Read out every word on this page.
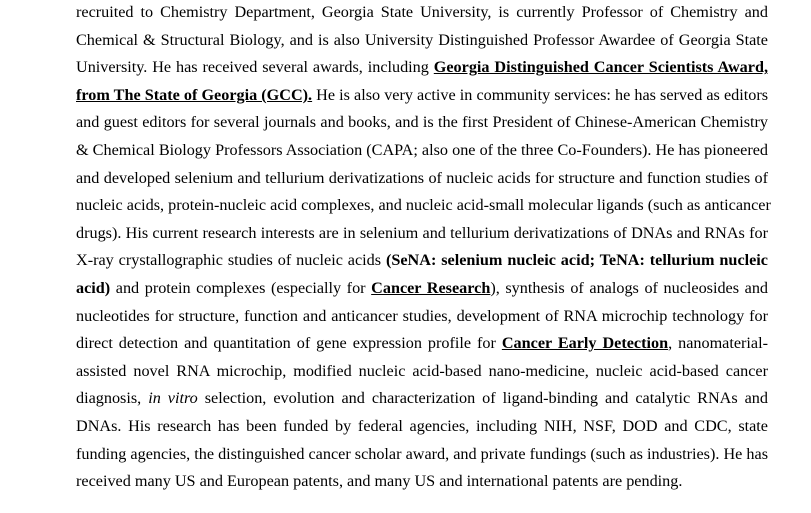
recruited to Chemistry Department, Georgia State University, is currently Professor of Chemistry and
Chemical & Structural Biology, and is also University Distinguished Professor Awardee of Georgia State
University. He has received several awards, including Georgia Distinguished Cancer Scientists Award,
from The State of Georgia (GCC). He is also very active in community services: he has served as editors
and guest editors for several journals and books, and is the first President of Chinese-American Chemistry
& Chemical Biology Professors Association (CAPA; also one of the three Co-Founders). He has pioneered
and developed selenium and tellurium derivatizations of nucleic acids for structure and function studies of
nucleic acids, protein-nucleic acid complexes, and nucleic acid-small molecular ligands (such as anticancer
drugs). His current research interests are in selenium and tellurium derivatizations of DNAs and RNAs for
X-ray crystallographic studies of nucleic acids (SeNA: selenium nucleic acid; TeNA: tellurium nucleic
acid) and protein complexes (especially for Cancer Research), synthesis of analogs of nucleosides and
nucleotides for structure, function and anticancer studies, development of RNA microchip technology for
direct detection and quantitation of gene expression profile for Cancer Early Detection, nanomaterial-
assisted novel RNA microchip, modified nucleic acid-based nano-medicine, nucleic acid-based cancer
diagnosis, in vitro selection, evolution and characterization of ligand-binding and catalytic RNAs and
DNAs. His research has been funded by federal agencies, including NIH, NSF, DOD and CDC, state
funding agencies, the distinguished cancer scholar award, and private fundings (such as industries). He has
received many US and European patents, and many US and international patents are pending.
